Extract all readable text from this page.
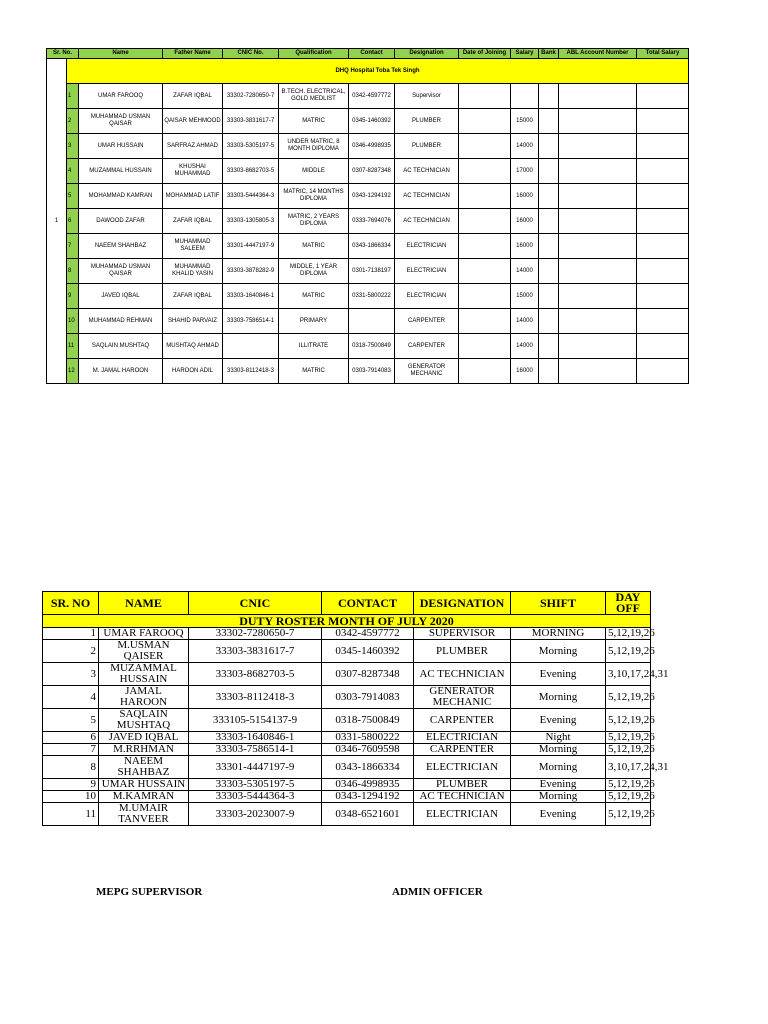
Sr. No.		Name	Father Name	CNIC No.	Qualification	Contact	Designation	Date of Joining	Salary	Bank	ABL Account Number	Total Salary
1	DHQ Hospital Toba Tek Singh											
	1	UMAR FAROOQ	ZAFAR IQBAL	33302-7280650-7	B.TECH. ELECTRICAL, GOLD MEDLIST	0342-4597772	Supervisor					
	2	MUHAMMAD USMAN QAISAR	QAISAR MEHMOOD	33303-3831617-7	MATRIC	0345-1460392	PLUMBER		15000			
	3	UMAR HUSSAIN	SARFRAZ AHMAD	33303-5305197-5	UNDER MATRIC, 8 MONTH DIPLOMA	0346-4998935	PLUMBER		14000			
	4	MUZAMMAL HUSSAIN	KHUSHAI MUHAMMAD	33303-8682703-5	MIDDLE	0307-8287348	AC TECHNICIAN		17000			
	5	MOHAMMAD KAMRAN	MOHAMMAD LATIF	33303-5444364-3	MATRIC, 14 MONTHS DIPLOMA	0343-1294192	AC TECHNICIAN		16000			
	6	DAWOOD ZAFAR	ZAFAR IQBAL	33303-1305805-3	MATRIC, 2 YEARS DIPLOMA	0333-7694076	AC TECHNICIAN		16000			
	7	NAEEM SHAHBAZ	MUHAMMAD SALEEM	33301-4447197-9	MATRIC	0343-1866334	ELECTRICIAN		16000			
	8	MUHAMMAD USMAN QAISAR	MUHAMMAD KHALID YASIN	33303-3878282-9	MIDDLE, 1 YEAR DIPLOMA	0301-7138197	ELECTRICIAN		14000			
	9	JAVED IQBAL	ZAFAR IQBAL	33303-1640846-1	MATRIC	0331-5800222	ELECTRICIAN		15000			
	10	MUHAMMAD REHMAN	SHAHID PARVAIZ	33303-7586514-1	PRIMARY		CARPENTER		14000			
	11	SAQLAIN MUSHTAQ	MUSHTAQ AHMAD		ILLITRATE	0318-7500849	CARPENTER		14000			
	12	M. JAMAL HAROON	HAROON ADIL	33303-8112418-3	MATRIC	0303-7914083	GENERATOR MECHANIC		16000			
DUTY ROSTER MONTH OF JULY 2020						
SR. NO	NAME	CNIC	CONTACT	DESIGNATION	SHIFT	DAY OFF
1	UMAR FAROOQ	33302-7280650-7	0342-4597772	SUPERVISOR	MORNING	5,12,19,26
2	M.USMAN QAISER	33303-3831617-7	0345-1460392	PLUMBER	Morning	5,12,19,26
3	MUZAMMAL HUSSAIN	33303-8682703-5	0307-8287348	AC TECHNICIAN	Evening	3,10,17,24,31
4	JAMAL HAROON	33303-8112418-3	0303-7914083	GENERATOR MECHANIC	Morning	5,12,19,26
5	SAQLAIN MUSHTAQ	333105-5154137-9	0318-7500849	CARPENTER	Evening	5,12,19,26
6	JAVED IQBAL	33303-1640846-1	0331-5800222	ELECTRICIAN	Night	5,12,19,26
7	M.RRHMAN	33303-7586514-1	0346-7609598	CARPENTER	Morning	5,12,19,26
8	NAEEM SHAHBAZ	33301-4447197-9	0343-1866334	ELECTRICIAN	Morning	3,10,17,24,31
9	UMAR HUSSAIN	33303-5305197-5	0346-4998935	PLUMBER	Evening	5,12,19,26
10	M.KAMRAN	33303-5444364-3	0343-1294192	AC TECHNICIAN	Morning	5,12,19,26
11	M.UMAIR TANVEER	33303-2023007-9	0348-6521601	ELECTRICIAN	Evening	5,12,19,26
MEPG SUPERVISOR	ADMIN OFFICER
